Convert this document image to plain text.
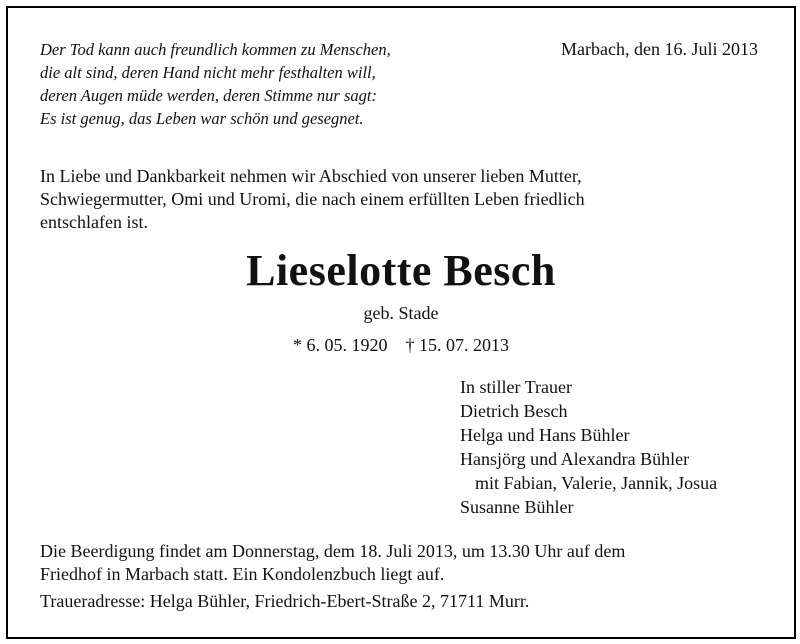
Der Tod kann auch freundlich kommen zu Menschen,
die alt sind, deren Hand nicht mehr festhalten will,
deren Augen müde werden, deren Stimme nur sagt:
Es ist genug, das Leben war schön und gesegnet.
Marbach, den 16. Juli 2013
In Liebe und Dankbarkeit nehmen wir Abschied von unserer lieben Mutter,
Schwiegermutter, Omi und Uromi, die nach einem erfüllten Leben friedlich
entschlafen ist.
Lieselotte Besch
geb. Stade
* 6. 05. 1920 † 15. 07. 2013
In stiller Trauer
Dietrich Besch
Helga und Hans Bühler
Hansjörg und Alexandra Bühler
mit Fabian, Valerie, Jannik, Josua
Susanne Bühler
Die Beerdigung findet am Donnerstag, dem 18. Juli 2013, um 13.30 Uhr auf dem
Friedhof in Marbach statt. Ein Kondolenzbuch liegt auf.
Traueradresse: Helga Bühler, Friedrich-Ebert-Straße 2, 71711 Murr.
